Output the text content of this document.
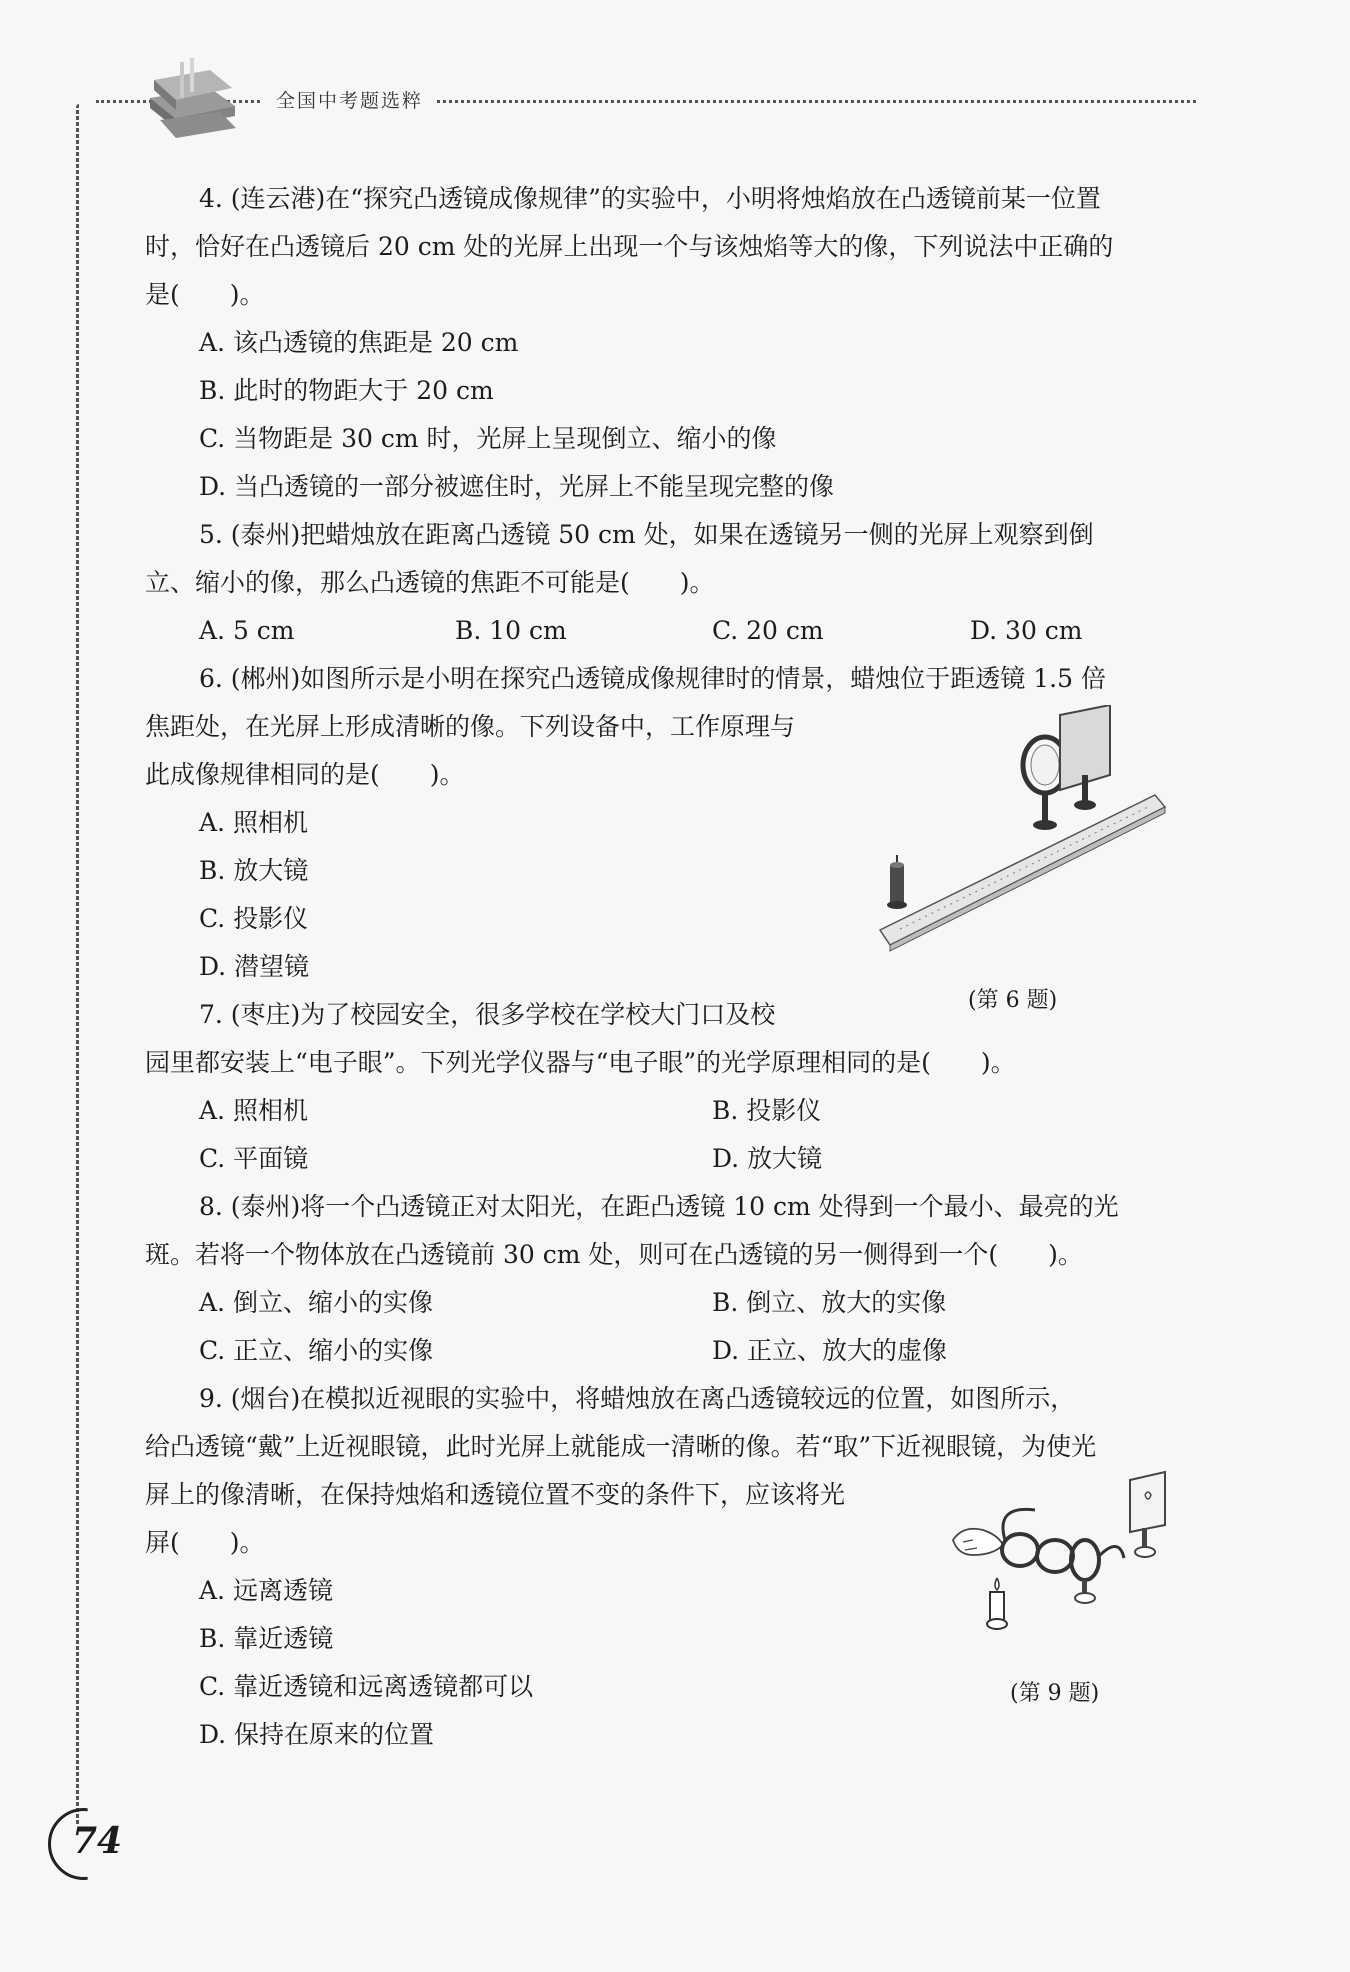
全国中考题选粹
4. (连云港)在“探究凸透镜成像规律”的实验中，小明将烛焰放在凸透镜前某一位置
时，恰好在凸透镜后 20 cm 处的光屏上出现一个与该烛焰等大的像，下列说法中正确的
是(　　)。
A. 该凸透镜的焦距是 20 cm
B. 此时的物距大于 20 cm
C. 当物距是 30 cm 时，光屏上呈现倒立、缩小的像
D. 当凸透镜的一部分被遮住时，光屏上不能呈现完整的像
5. (泰州)把蜡烛放在距离凸透镜 50 cm 处，如果在透镜另一侧的光屏上观察到倒
立、缩小的像，那么凸透镜的焦距不可能是(　　)。
A. 5 cm	B. 10 cm	C. 20 cm	D. 30 cm
6. (郴州)如图所示是小明在探究凸透镜成像规律时的情景，蜡烛位于距透镜 1.5 倍
焦距处，在光屏上形成清晰的像。下列设备中，工作原理与
此成像规律相同的是(　　)。
A. 照相机
B. 放大镜
C. 投影仪
D. 潜望镜
(第 6 题)
7. (枣庄)为了校园安全，很多学校在学校大门口及校
园里都安装上“电子眼”。下列光学仪器与“电子眼”的光学原理相同的是(　　)。
A. 照相机	B. 投影仪
C. 平面镜	D. 放大镜
8. (泰州)将一个凸透镜正对太阳光，在距凸透镜 10 cm 处得到一个最小、最亮的光
斑。若将一个物体放在凸透镜前 30 cm 处，则可在凸透镜的另一侧得到一个(　　)。
A. 倒立、缩小的实像	B. 倒立、放大的实像
C. 正立、缩小的实像	D. 正立、放大的虚像
9. (烟台)在模拟近视眼的实验中，将蜡烛放在离凸透镜较远的位置，如图所示，
给凸透镜“戴”上近视眼镜，此时光屏上就能成一清晰的像。若“取”下近视眼镜，为使光
屏上的像清晰，在保持烛焰和透镜位置不变的条件下，应该将光
屏(　　)。
A. 远离透镜
B. 靠近透镜
C. 靠近透镜和远离透镜都可以
D. 保持在原来的位置
(第 9 题)
74
